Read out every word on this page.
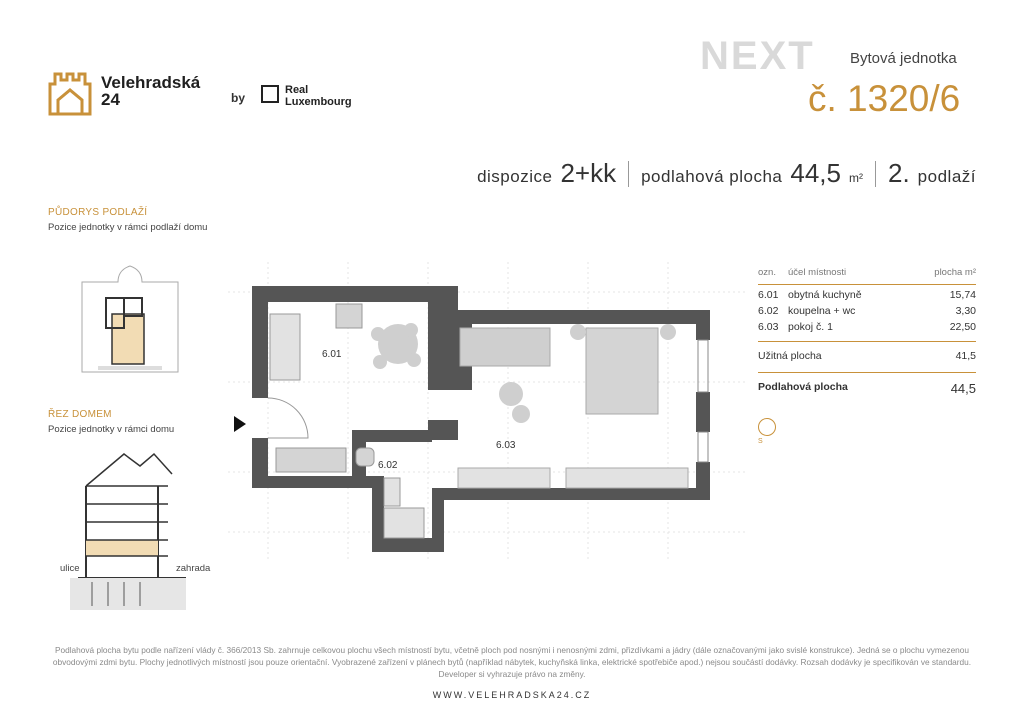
Velehradská
24	by
Real
Luxembourg
NEXT Bytová jednotka
č. 1320/6
dispozice 2+kk podlahová plocha 44,5 m² 2. podlaží
PŮDORYS PODLAŽÍ
Pozice jednotky v rámci podlaží domu
ŘEZ DOMEM
Pozice jednotky v rámci domu
ulice	zahrada
6.01
6.02
6.03
ozn.	účel místnosti	plocha m²
6.01 obytná kuchyně	15,74
6.02 koupelna + wc	3,30
6.03 pokoj č. 1	22,50
Užitná plocha	41,5
Podlahová plocha	44,5
S
Podlahová plocha bytu podle nařízení vlády č. 366/2013 Sb. zahrnuje celkovou plochu všech místností bytu, včetně ploch pod nosnými i nenosnými zdmi, přizdívkami a jádry (dále označovanými jako svislé konstrukce). Jedná se o plochu vymezenou obvodovými zdmi bytu. Plochy jednotlivých místností jsou pouze orientační. Vyobrazené zařízení v plánech bytů (například nábytek, kuchyňská linka, elektrické spotřebiče apod.) nejsou součástí dodávky. Rozsah dodávky je specifikován ve standardu. Developer si vyhrazuje právo na změny.
WWW.VELEHRADSKA24.CZ
